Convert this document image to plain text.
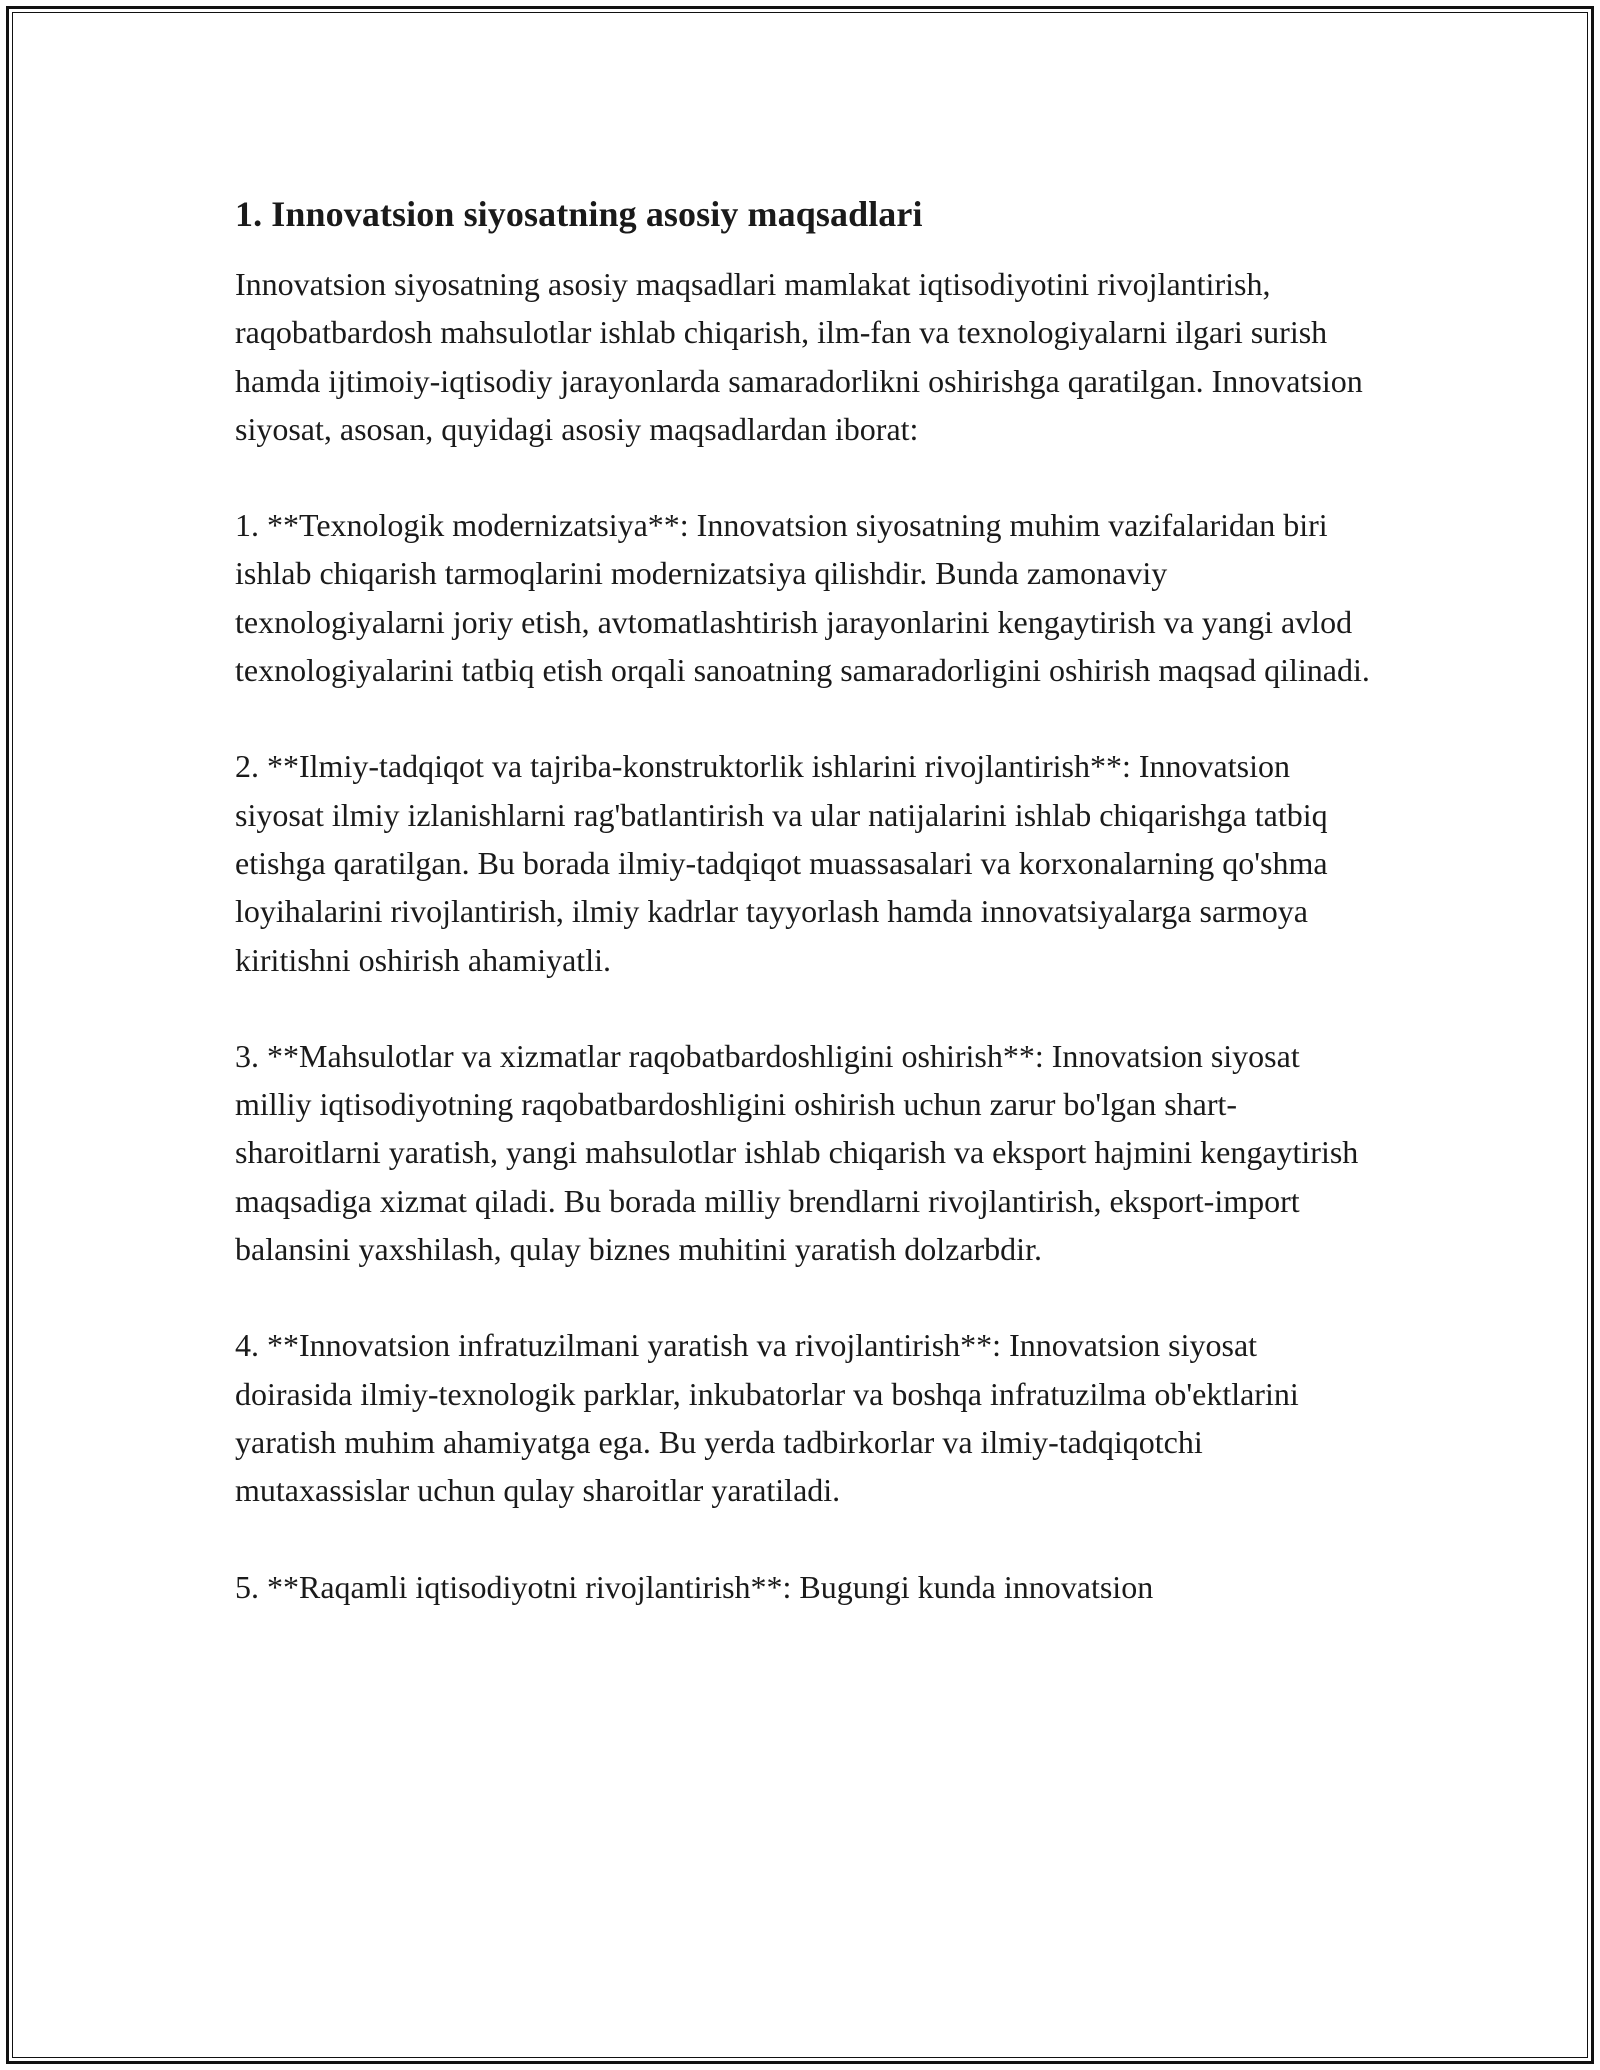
1. Innovatsion siyosatning asosiy maqsadlari

Innovatsion siyosatning asosiy maqsadlari mamlakat iqtisodiyotini rivojlantirish, raqobatbardosh mahsulotlar ishlab chiqarish, ilm-fan va texnologiyalarni ilgari surish hamda ijtimoiy-iqtisodiy jarayonlarda samaradorlikni oshirishga qaratilgan. Innovatsion siyosat, asosan, quyidagi asosiy maqsadlardan iborat:

1. **Texnologik modernizatsiya**: Innovatsion siyosatning muhim vazifalaridan biri ishlab chiqarish tarmoqlarini modernizatsiya qilishdir. Bunda zamonaviy texnologiyalarni joriy etish, avtomatlashtirish jarayonlarini kengaytirish va yangi avlod texnologiyalarini tatbiq etish orqali sanoatning samaradorligini oshirish maqsad qilinadi.

2. **Ilmiy-tadqiqot va tajriba-konstruktorlik ishlarini rivojlantirish**: Innovatsion siyosat ilmiy izlanishlarni rag'batlantirish va ular natijalarini ishlab chiqarishga tatbiq etishga qaratilgan. Bu borada ilmiy-tadqiqot muassasalari va korxonalarning qo'shma loyihalarini rivojlantirish, ilmiy kadrlar tayyorlash hamda innovatsiyalarga sarmoya kiritishni oshirish ahamiyatli.

3. **Mahsulotlar va xizmatlar raqobatbardoshligini oshirish**: Innovatsion siyosat milliy iqtisodiyotning raqobatbardoshligini oshirish uchun zarur bo'lgan shart-sharoitlarni yaratish, yangi mahsulotlar ishlab chiqarish va eksport hajmini kengaytirish maqsadiga xizmat qiladi. Bu borada milliy brendlarni rivojlantirish, eksport-import balansini yaxshilash, qulay biznes muhitini yaratish dolzarbdir.

4. **Innovatsion infratuzilmani yaratish va rivojlantirish**: Innovatsion siyosat doirasida ilmiy-texnologik parklar, inkubatorlar va boshqa infratuzilma ob'ektlarini yaratish muhim ahamiyatga ega. Bu yerda tadbirkorlar va ilmiy-tadqiqotchi mutaxassislar uchun qulay sharoitlar yaratiladi.

5. **Raqamli iqtisodiyotni rivojlantirish**: Bugungi kunda innovatsion
